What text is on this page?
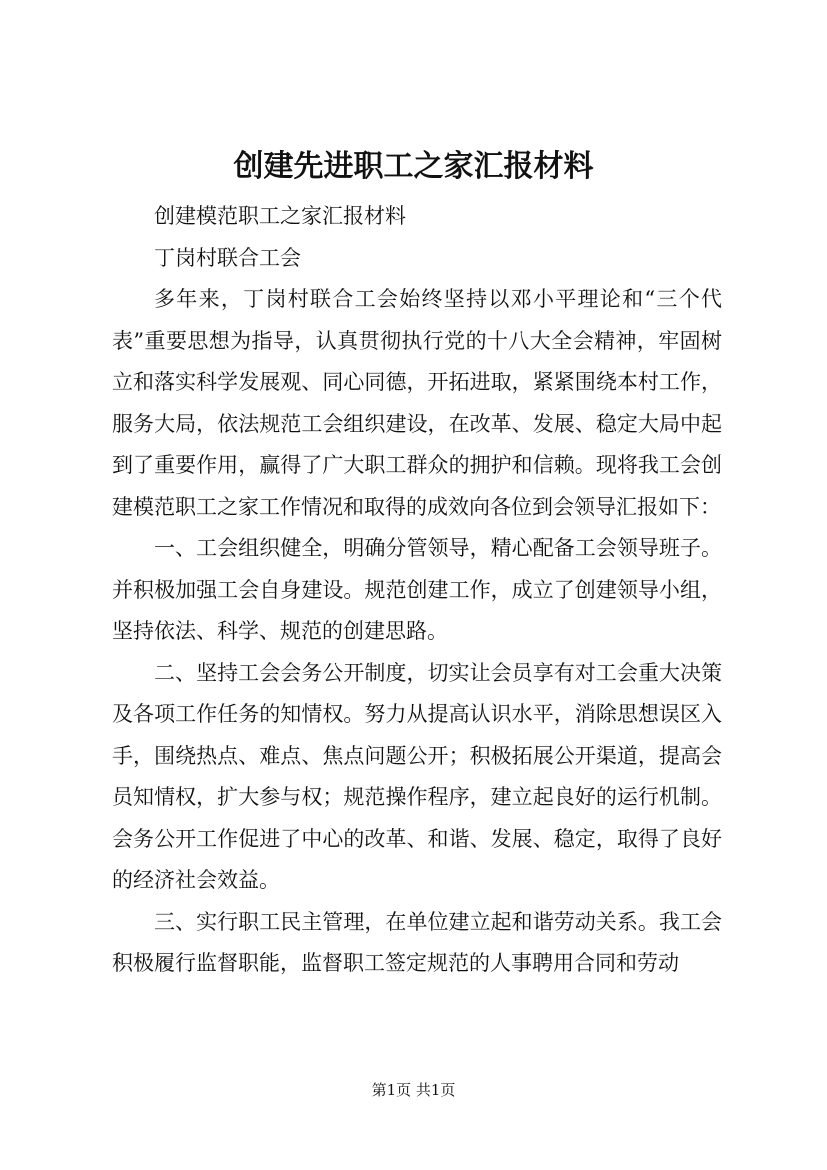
创建先进职工之家汇报材料

创建模范职工之家汇报材料

丁岗村联合工会

多年来，丁岗村联合工会始终坚持以邓小平理论和“三个代表”重要思想为指导，认真贯彻执行党的十八大全会精神，牢固树立和落实科学发展观、同心同德，开拓进取，紧紧围绕本村工作，服务大局，依法规范工会组织建设，在改革、发展、稳定大局中起到了重要作用，赢得了广大职工群众的拥护和信赖。现将我工会创建模范职工之家工作情况和取得的成效向各位到会领导汇报如下：

一、工会组织健全，明确分管领导，精心配备工会领导班子。并积极加强工会自身建设。规范创建工作，成立了创建领导小组，坚持依法、科学、规范的创建思路。

二、坚持工会会务公开制度，切实让会员享有对工会重大决策及各项工作任务的知情权。努力从提高认识水平，消除思想误区入手，围绕热点、难点、焦点问题公开；积极拓展公开渠道，提高会员知情权，扩大参与权；规范操作程序，建立起良好的运行机制。会务公开工作促进了中心的改革、和谐、发展、稳定，取得了良好的经济社会效益。

三、实行职工民主管理，在单位建立起和谐劳动关系。我工会积极履行监督职能，监督职工签定规范的人事聘用合同和劳动

第1页 共1页
